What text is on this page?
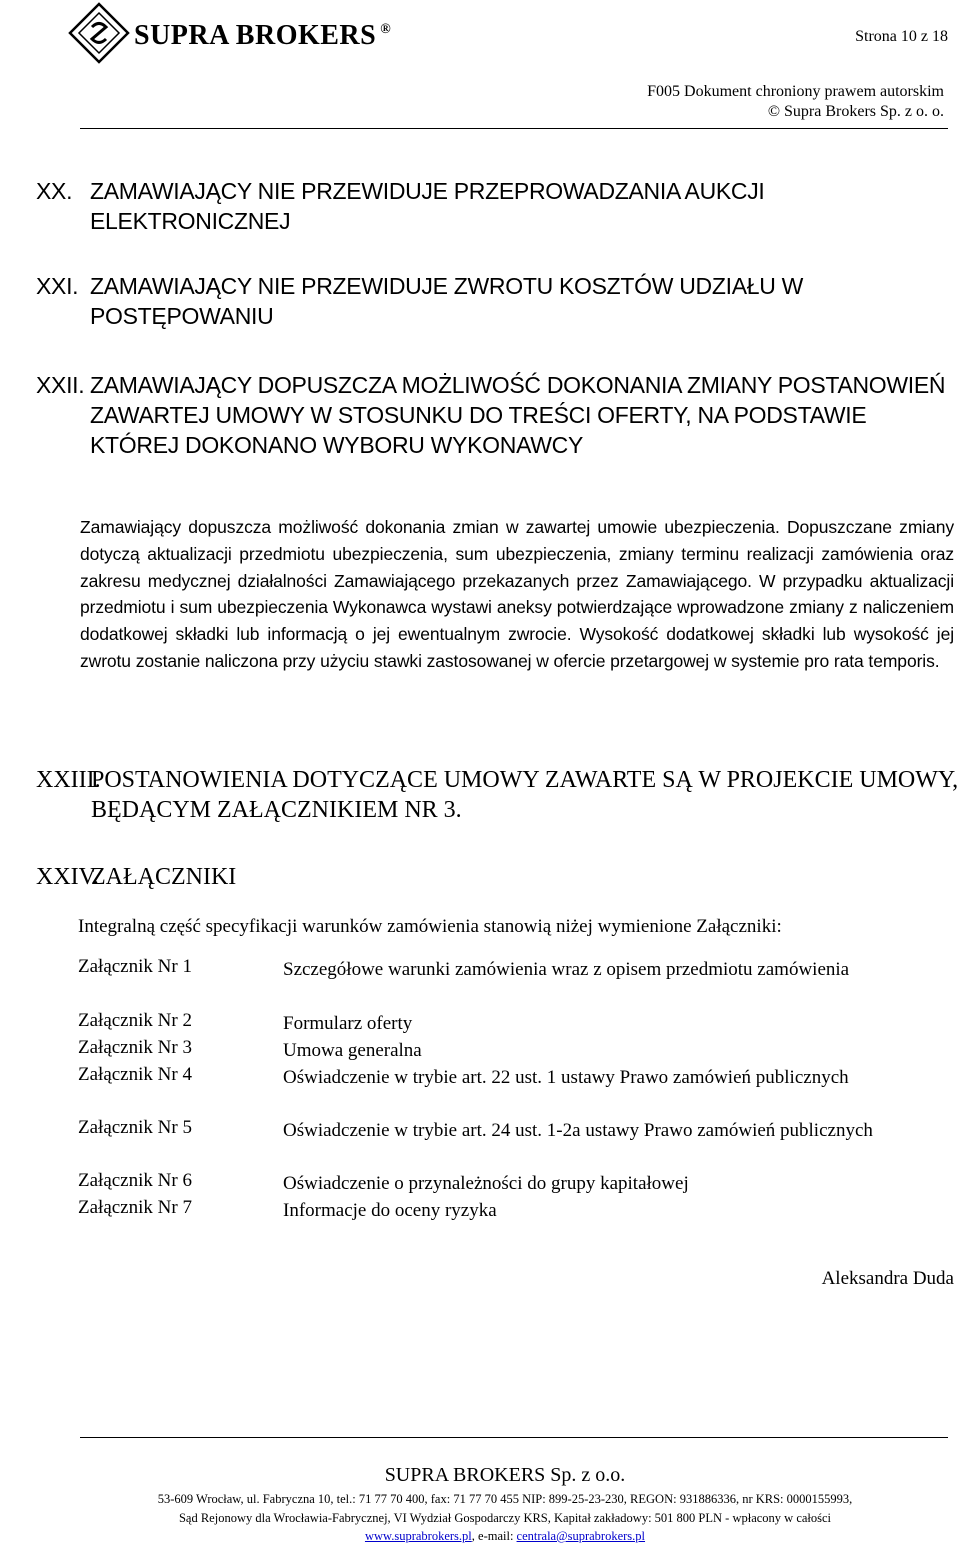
SUPRA BROKERS ®	Strona 10 z 18
F005 Dokument chroniony prawem autorskim
© Supra Brokers Sp. z o. o.
XX. ZAMAWIAJĄCY NIE PRZEWIDUJE PRZEPROWADZANIA AUKCJI ELEKTRONICZNEJ
XXI. ZAMAWIAJĄCY NIE PRZEWIDUJE ZWROTU KOSZTÓW UDZIAŁU W POSTĘPOWANIU
XXII. ZAMAWIAJĄCY DOPUSZCZA MOŻLIWOŚĆ DOKONANIA ZMIANY POSTANOWIEŃ ZAWARTEJ UMOWY W STOSUNKU DO TREŚCI OFERTY, NA PODSTAWIE KTÓREJ DOKONANO WYBORU WYKONAWCY
Zamawiający dopuszcza możliwość dokonania zmian w zawartej umowie ubezpieczenia. Dopuszczane zmiany dotyczą aktualizacji przedmiotu ubezpieczenia, sum ubezpieczenia, zmiany terminu realizacji zamówienia oraz zakresu medycznej działalności Zamawiającego przekazanych przez Zamawiającego. W przypadku aktualizacji przedmiotu i sum ubezpieczenia Wykonawca wystawi aneksy potwierdzające wprowadzone zmiany z naliczeniem dodatkowej składki lub informacją o jej ewentualnym zwrocie. Wysokość dodatkowej składki lub wysokość jej zwrotu zostanie naliczona przy użyciu stawki zastosowanej w ofercie przetargowej w systemie pro rata temporis.
XXIII.
POSTANOWIENIA DOTYCZĄCE UMOWY ZAWARTE SĄ W PROJEKCIE UMOWY, BĘDĄCYM ZAŁĄCZNIKIEM NR 3.
XXIV.
ZAŁĄCZNIKI
Integralną część specyfikacji warunków zamówienia stanowią niżej wymienione Załączniki:
Załącznik Nr 1	Szczegółowe warunki zamówienia wraz z opisem przedmiotu zamówienia
Załącznik Nr 2	Formularz oferty
Załącznik Nr 3	Umowa generalna
Załącznik Nr 4	Oświadczenie w trybie art. 22 ust. 1 ustawy Prawo zamówień publicznych
Załącznik Nr 5	Oświadczenie w trybie art. 24 ust. 1-2a ustawy Prawo zamówień publicznych
Załącznik Nr 6	Oświadczenie o przynależności do grupy kapitałowej
Załącznik Nr 7	Informacje do oceny ryzyka
Aleksandra Duda
SUPRA BROKERS Sp. z o.o.
53-609 Wrocław, ul. Fabryczna 10, tel.: 71 77 70 400, fax: 71 77 70 455 NIP: 899-25-23-230, REGON: 931886336, nr KRS: 0000155993,
Sąd Rejonowy dla Wrocławia-Fabrycznej, VI Wydział Gospodarczy KRS, Kapitał zakładowy: 501 800 PLN - wpłacony w całości
www.suprabrokers.pl, e-mail: centrala@suprabrokers.pl
